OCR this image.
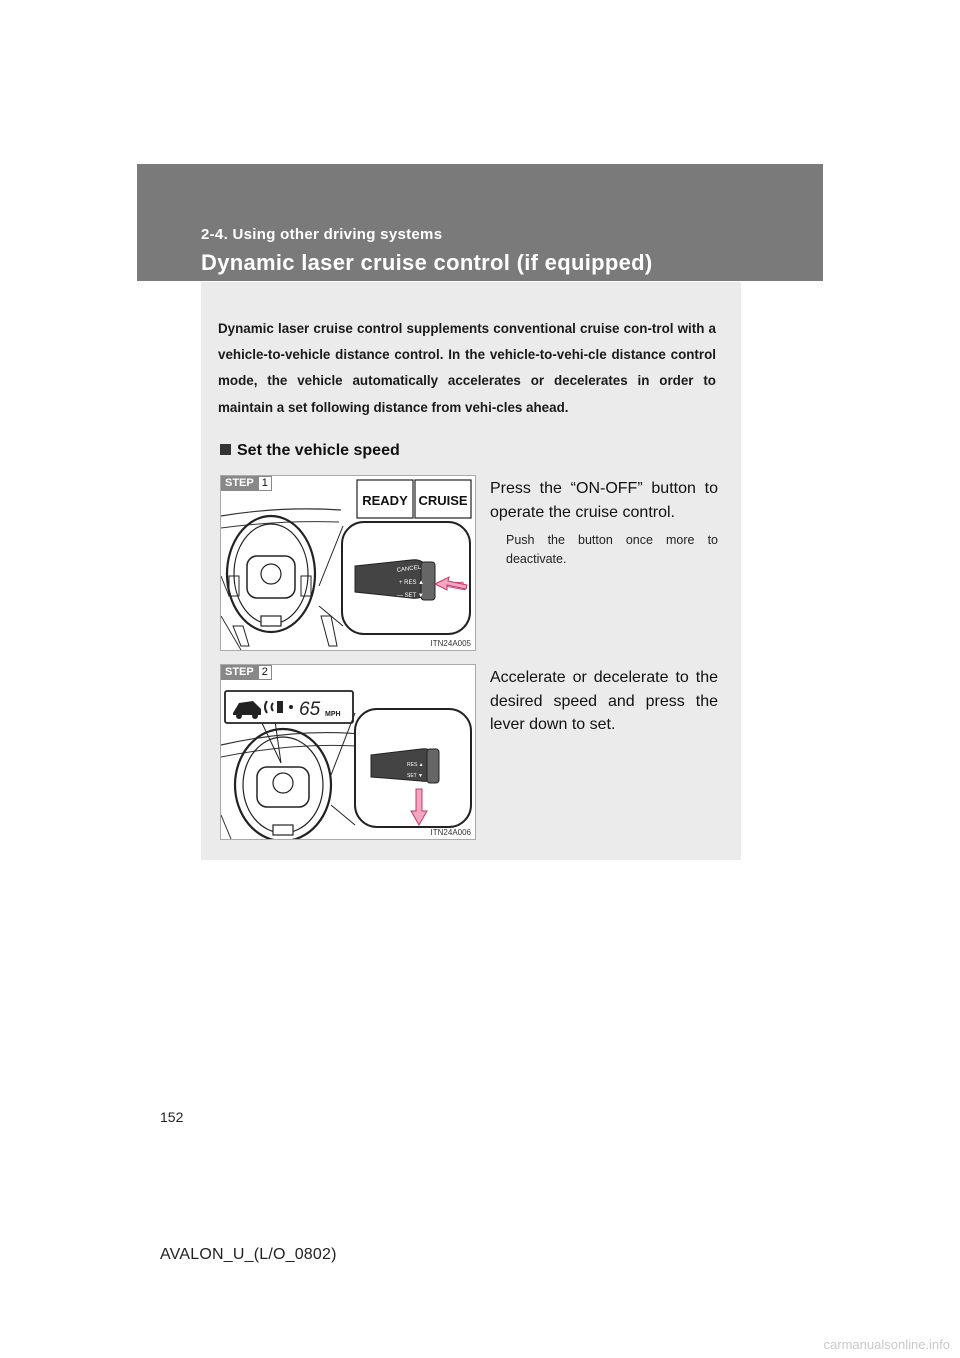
2-4. Using other driving systems
Dynamic laser cruise control (if equipped)

Dynamic laser cruise control supplements conventional cruise con-trol with a vehicle-to-vehicle distance control. In the vehicle-to-vehi-cle distance control mode, the vehicle automatically accelerates or decelerates in order to maintain a set following distance from vehi-cles ahead.

Set the vehicle speed
READY CRUISE
CANCEL
+ RES ▲
— SET ▼
STEP 1
ITN24A005

Press the “ON-OFF” button to operate the cruise control.

Push the button once more to deactivate.

65 MPH
RES ▲
SET ▼
STEP 2
ITN24A006

Accelerate or decelerate to the desired speed and press the lever down to set.

152
AVALON_U_(L/O_0802)
carmanualsonline.info
